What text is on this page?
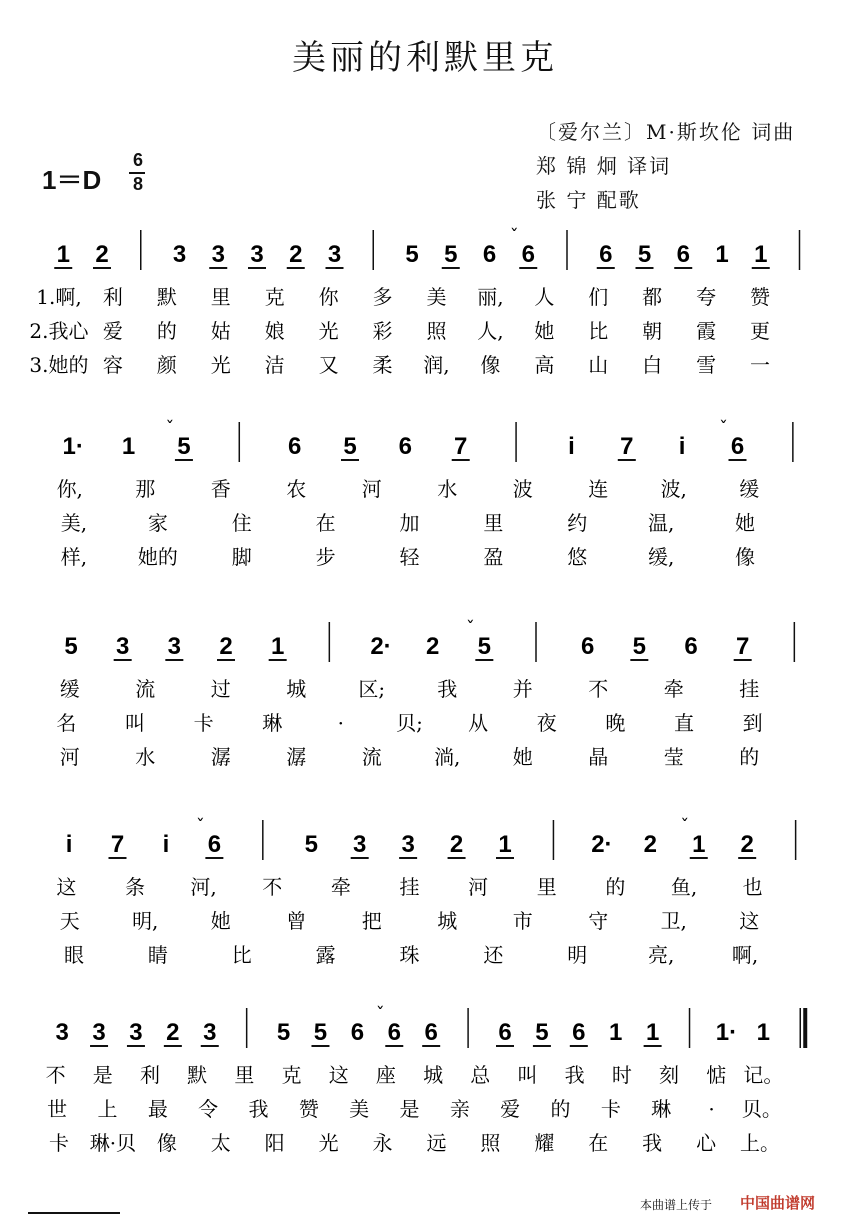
美丽的利默里克
〔爱尔兰〕M·斯坎伦 词曲
郑 锦 炯 译词
张 宁 配歌
1＝D
6
8
1 2	3 3 3 2 3	5 5 6 6
ˇ
6 5 6 1 1
1.啊, 利 默 里 克 你 多 美 丽, 人 们 都 夸 赞
2.我心 爱 的 姑 娘 光 彩 照 人, 她 比 朝 霞 更
3.她的 容 颜 光 洁 又 柔 润, 像 高 山 白 雪 一
1· 1 5
ˇ
6 5 6 7	i 7 i 6
ˇ
你,	那	香	农	河	水	波	连	波,	缓
美,	家	住	在	加	里	约	温,	她
样,	她的	脚	步	轻	盈	悠	缓,	像
5 3 3 2 1	2· 2 5
ˇ
6 5 6 7
缓	流	过	城	区;	我	并	不	牵	挂
名 叫 卡 琳	·	贝; 从 夜 晚 直 到
河	水	潺	潺	流	淌,	她	晶	莹	的
i 7 i 6
ˇ
5 3 3 2 1	2· 2 1
ˇ
2
这 条 河, 不 牵 挂 河 里 的 鱼, 也
天	明,	她	曾	把	城	市	守	卫,	这
眼	睛	比	露	珠	还	明	亮,	啊,
3 3 3 2 3	5 5 6 6
ˇ
6	6 5 6 1 1 1· 1
不 是 利 默 里 克 这 座 城 总 叫 我 时 刻 惦 记。
世 上 最 令 我 赞 美 是 亲 爱 的 卡 琳 · 贝。
卡 琳·贝 像 太 阳 光 永 远 照 耀 在 我 心 上。
本曲谱上传于 中国曲谱网
